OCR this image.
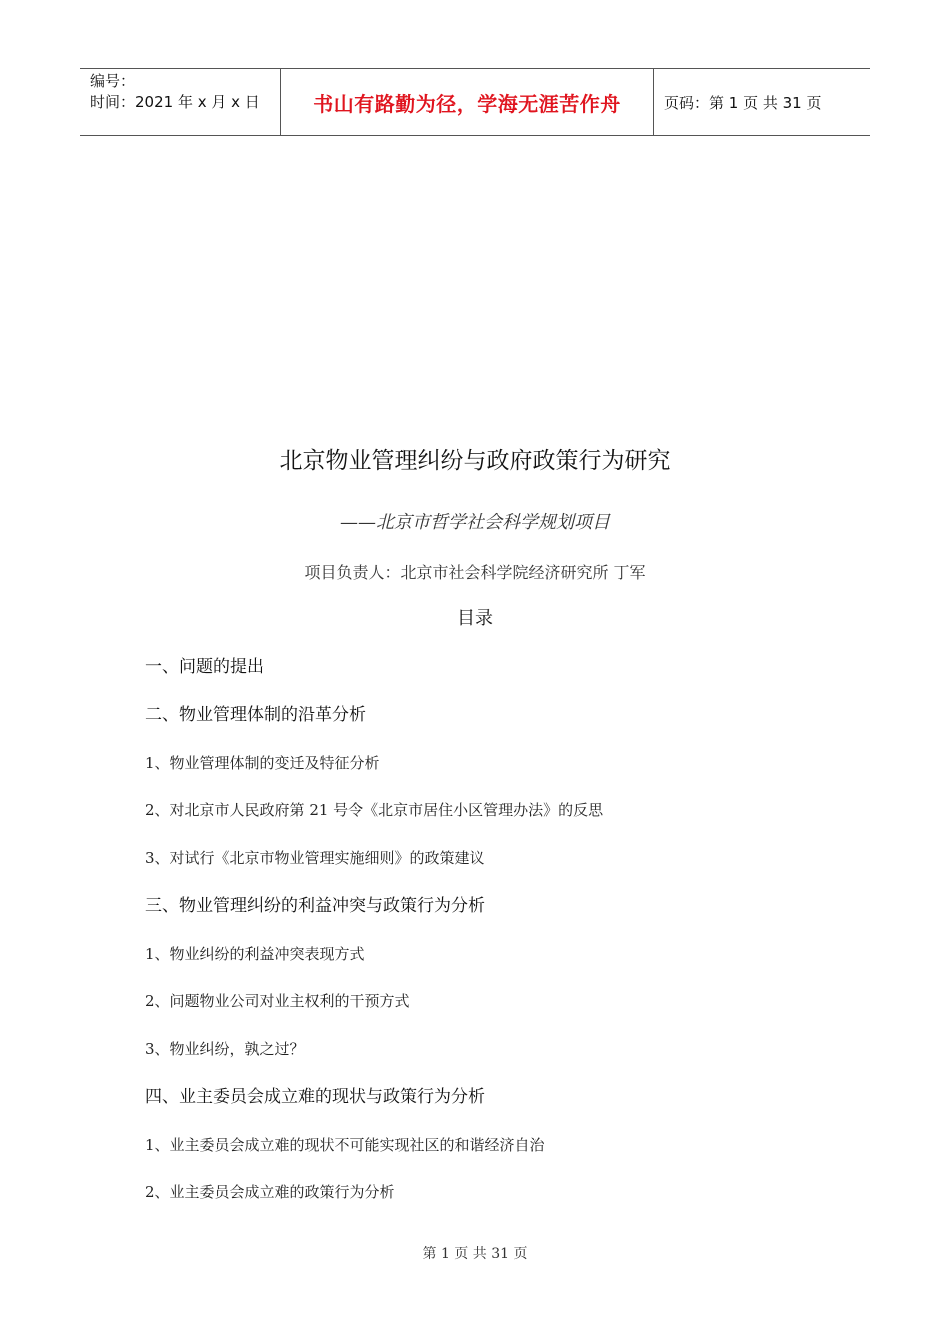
编号：
时间：2021 年 x 月 x 日	书山有路勤为径，学海无涯苦作舟	页码：第 1 页 共 31 页
北京物业管理纠纷与政府政策行为研究
——北京市哲学社会科学规划项目
项目负责人：北京市社会科学院经济研究所 丁军
目录
一、问题的提出
二、物业管理体制的沿革分析
1、物业管理体制的变迁及特征分析
2、对北京市人民政府第 21 号令《北京市居住小区管理办法》的反思
3、对试行《北京市物业管理实施细则》的政策建议
三、物业管理纠纷的利益冲突与政策行为分析
1、物业纠纷的利益冲突表现方式
2、问题物业公司对业主权利的干预方式
3、物业纠纷，孰之过？
四、业主委员会成立难的现状与政策行为分析
1、业主委员会成立难的现状不可能实现社区的和谐经济自治
2、业主委员会成立难的政策行为分析
第 1 页 共 31 页
